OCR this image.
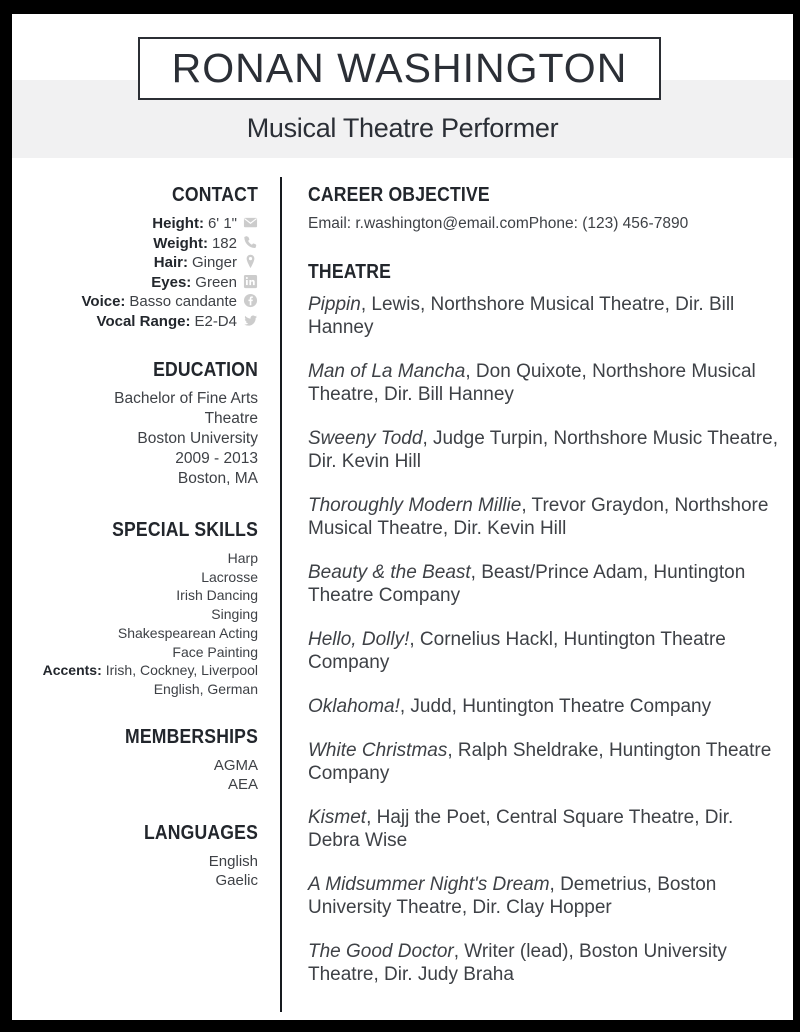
RONAN WASHINGTON
Musical Theatre Performer
CONTACT
Height: 6' 1"
Weight: 182
Hair: Ginger
Eyes: Green
Voice: Basso candante
Vocal Range: E2-D4
EDUCATION
Bachelor of Fine Arts
Theatre
Boston University
2009 - 2013
Boston, MA
SPECIAL SKILLS
Harp
Lacrosse
Irish Dancing
Singing
Shakespearean Acting
Face Painting
Accents: Irish, Cockney, Liverpool
English, German
MEMBERSHIPS
AGMA
AEA
LANGUAGES
English
Gaelic
CAREER OBJECTIVE

Email: r.washington@email.comPhone: (123) 456-7890

THEATRE

Pippin, Lewis, Northshore Musical Theatre, Dir. Bill Hanney

Man of La Mancha, Don Quixote, Northshore Musical Theatre, Dir. Bill Hanney

Sweeny Todd, Judge Turpin, Northshore Music Theatre, Dir. Kevin Hill

Thoroughly Modern Millie, Trevor Graydon, Northshore Musical Theatre, Dir. Kevin Hill

Beauty & the Beast, Beast/Prince Adam, Huntington Theatre Company

Hello, Dolly!, Cornelius Hackl, Huntington Theatre Company

Oklahoma!, Judd, Huntington Theatre Company

White Christmas, Ralph Sheldrake, Huntington Theatre Company

Kismet, Hajj the Poet, Central Square Theatre, Dir. Debra Wise

A Midsummer Night's Dream, Demetrius, Boston University Theatre, Dir. Clay Hopper

The Good Doctor, Writer (lead), Boston University Theatre, Dir. Judy Braha
